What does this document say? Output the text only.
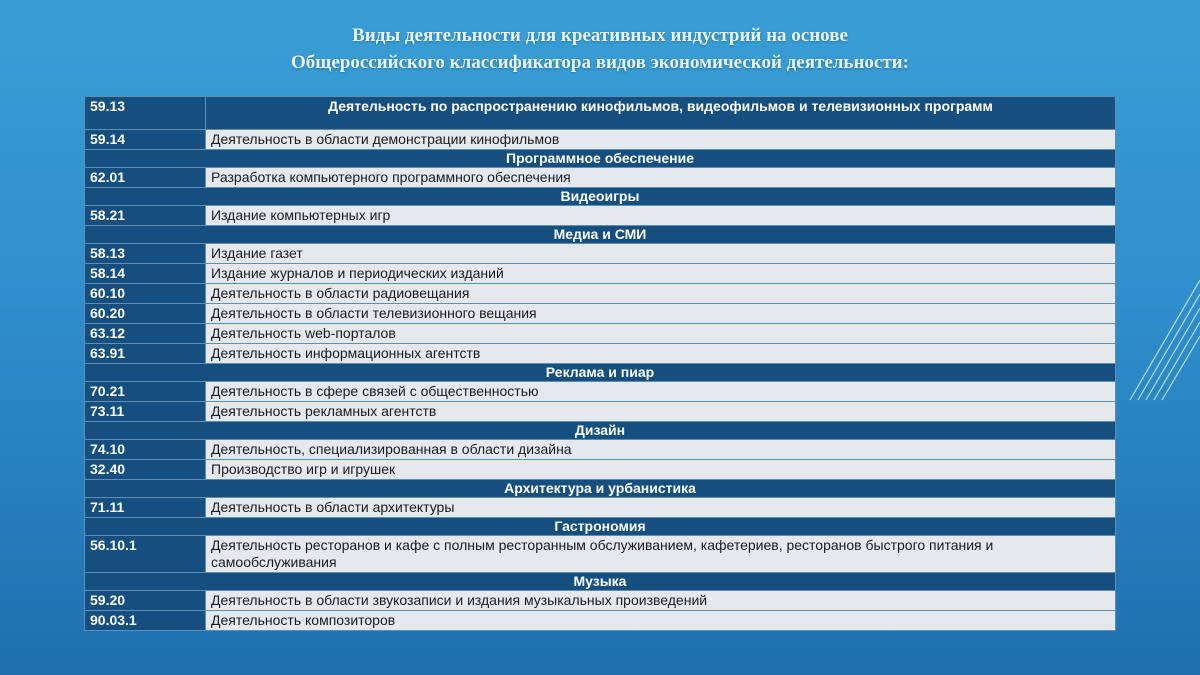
Виды деятельности для креативных индустрий на основе
Общероссийского классификатора видов экономической деятельности:
59.13	Деятельность по распространению кинофильмов, видеофильмов и телевизионных программ
59.14	Деятельность в области демонстрации кинофильмов
Программное обеспечение	
62.01	Разработка компьютерного программного обеспечения
Видеоигры	
58.21	Издание компьютерных игр
Медиа и СМИ	
58.13	Издание газет
58.14	Издание журналов и периодических изданий
60.10	Деятельность в области радиовещания
60.20	Деятельность в области телевизионного вещания
63.12	Деятельность web-порталов
63.91	Деятельность информационных агентств
Реклама и пиар	
70.21	Деятельность в сфере связей с общественностью
73.11	Деятельность рекламных агентств
Дизайн	
74.10	Деятельность, специализированная в области дизайна
32.40	Производство игр и игрушек
Архитектура и урбанистика	
71.11	Деятельность в области архитектуры
Гастрономия	
56.10.1	Деятельность ресторанов и кафе с полным ресторанным обслуживанием, кафетериев, ресторанов быстрого питания и самообслуживания
Музыка	
59.20	Деятельность в области звукозаписи и издания музыкальных произведений
90.03.1	Деятельность композиторов
